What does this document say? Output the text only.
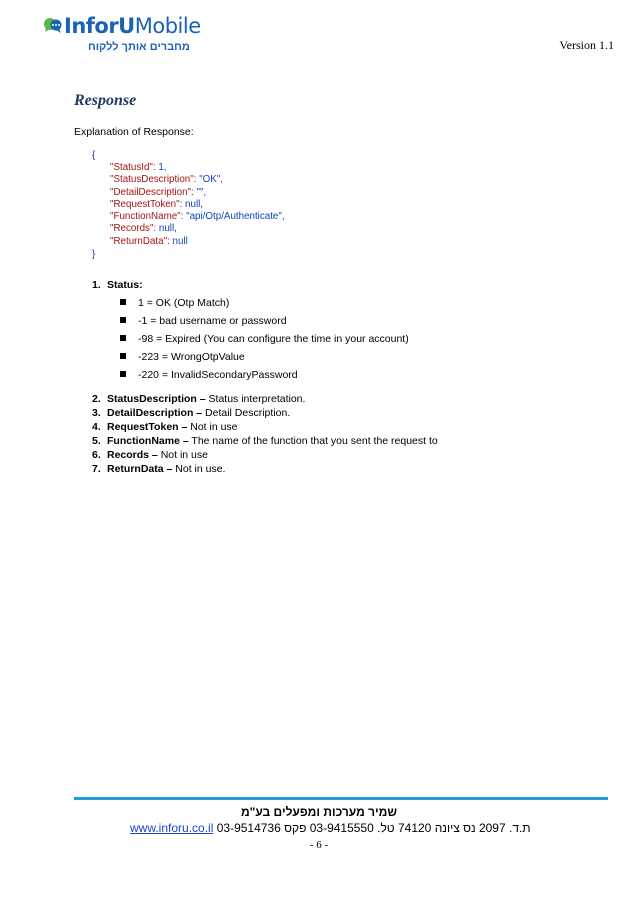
InforUMobile
מחברים אותך ללקוח	Version 1.1
Response
Explanation of Response:
{
"StatusId": 1,
"StatusDescription": "OK",
"DetailDescription": "",
"RequestToken": null,
"FunctionName": "api/Otp/Authenticate",
"Records": null,
"ReturnData": null
}
1. Status:
1 = OK (Otp Match)
-1 = bad username or password
-98 = Expired (You can configure the time in your account)
-223 = WrongOtpValue
-220 = InvalidSecondaryPassword
2. StatusDescription – Status interpretation.
3. DetailDescription – Detail Description.
4. RequestToken – Not in use
5. FunctionName – The name of the function that you sent the request to
6. Records – Not in use
7. ReturnData – Not in use.
שמיר מערכות ומפעלים בע"מ
www.inforu.co.il ת.ד. 2097 נס ציונה 74120 טל. 03-9415550 פקס 03-9514736
- 6 -
